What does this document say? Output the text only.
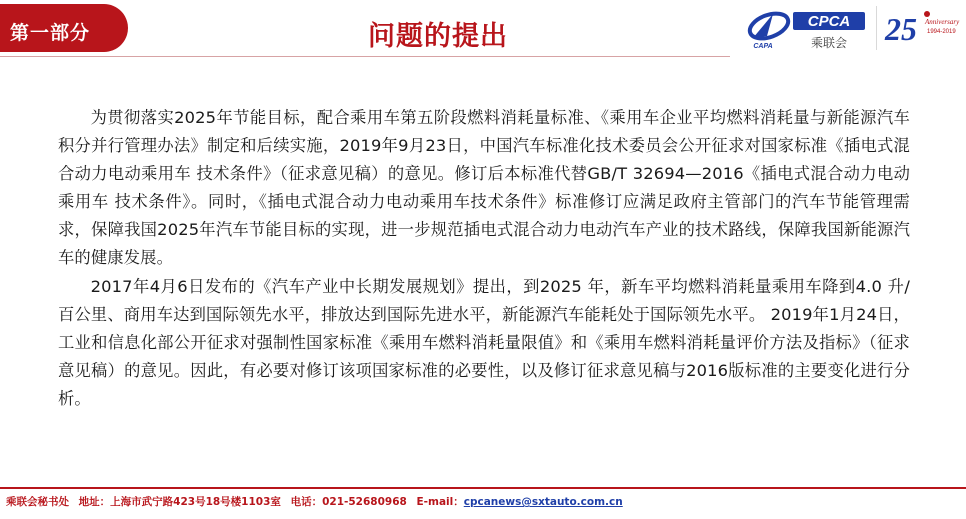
第一部分	问题的提出	CPCA
乘联会
CAPA	25 Anniversary
1994-2019

为贯彻落实2025年节能目标，配合乘用车第五阶段燃料消耗量标准、《乘用车企业平均燃料消耗量与新能源汽车积分并行管理办法》制定和后续实施，2019年9月23日，中国汽车标准化技术委员会公开征求对国家标准《插电式混合动力电动乘用车 技术条件》（征求意见稿）的意见。修订后本标准代替GB/T 32694—2016《插电式混合动力电动乘用车 技术条件》。同时，《插电式混合动力电动乘用车技术条件》标准修订应满足政府主管部门的汽车节能管理需求，保障我国2025年汽车节能目标的实现，进一步规范插电式混合动力电动汽车产业的技术路线，保障我国新能源汽车的健康发展。

2017年4月6日发布的《汽车产业中长期发展规划》提出，到2025 年，新车平均燃料消耗量乘用车降到4.0 升/百公里、商用车达到国际领先水平，排放达到国际先进水平，新能源汽车能耗处于国际领先水平。 2019年1月24日，工业和信息化部公开征求对强制性国家标准《乘用车燃料消耗量限值》和《乘用车燃料消耗量评价方法及指标》（征求意见稿）的意见。因此，有必要对修订该项国家标准的必要性，以及修订征求意见稿与2016版标准的主要变化进行分析。

乘联会秘书处 地址：上海市武宁路423号18号楼1103室 电话：021-52680968 E-mail：cpcanews@sxtauto.com.cn
